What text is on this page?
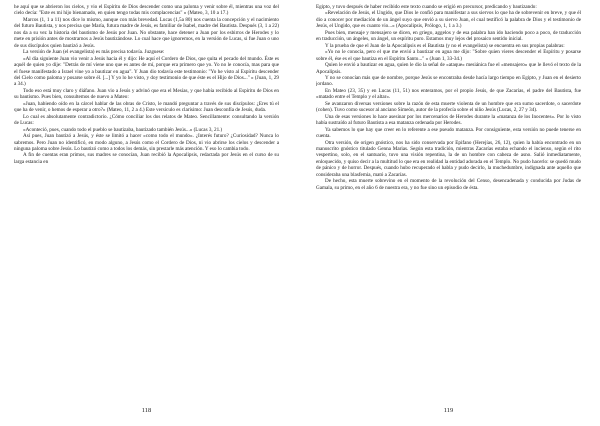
he aquí que se abrieron los cielos, y vio el Espíritu de Dios descender como una paloma y venir sobre él, mientras una voz del cielo decía: "Este es mi hijo bienamado, en quien tengo todas mis complacencias" » (Mateo, 3, 10 a 17.)

Marcos (1, 1 a 11) nos dice lo mismo, aunque con más brevedad. Lucas (1,5a 80) nos cuenta la concepción y el nacimiento del futuro Bautista, y nos precisa que María, futura madre de Jesús, es familiar de Isabel, madre del Bautista. Después (3, 1 a 22) nos da a su vez la historia del bautismo de Jesús por Juan. No obstante, hace detener a Juan por los esbirros de Herodes y lo mete en prisión antes de mostrarnos a Jesús bautizándose. Lo cual hace que ignoremos, en la versión de Lucas, si fue Juan o uno de sus discípulos quien bautizó a Jesús.

La versión de Juan (el evangelista) es más precisa todavía. Juzguese:

«Al día siguiente Juan vio venir a Jesús hacia él y dijo: He aquí el Cordero de Dios, que quita el pecado del mundo. Éste es aquél de quien yo dije: "Detrás de mí viene uno que es antes de mí, porque era primero que yo. Yo no le conocía, mas para que el fuese manifestado a Israel vine yo a bautizar en agua". Y Juan dio todavía este testimonio: "Yo he visto al Espíritu descender del Cielo como paloma y posarse sobre él. [...] Y yo lo he visto, y doy testimonio de que éste es el Hijo de Dios..." » (Juan, 1, 29 a 34.)

Todo eso está muy claro y diáfano. Juan vio a Jesús y advinó que era el Mesías, y que había recibido al Espíritu de Dios en su bautismo. Pues bien, consultemos de nuevo a Mateo:

«Juan, habiendo oído en la cárcel hablar de las obras de Cristo, le mandó preguntar a través de sus discípulos: ¿Eres tú el que ha de venir, o hemos de esperar a otro?» (Mateo, 11, 2 a 4.) Este versículo es clarísimo: Juan desconfía de Jesús, duda.

Lo cual es absolutamente contradictorio. ¿Cómo conciliar los dos relatos de Mateo. Sencillamente: consultando la versión de Lucas:

«Aconteció, pues, cuando todo el pueblo se bautizaba, bautizado también Jesús...» (Lucas 3, 21.)

Así pues, Juan bautizó a Jesús, y éste se limitó a hacer «como todo el mundo». ¿Interés futuro? ¿Curiosidad? Nunca lo sabremos. Pero Juan no identificó, en modo alguno, a Jesús como el Cordero de Dios, ni vio abrirse los cielos y descender a ninguna paloma sobre Jesús. Lo bautizó como a todos los demás, sin prestarle más atención. Y eso lo cambia todo.

A fin de cuentas eran primos, sus madres se conocían, Juan recibió la Apocalipsis, redactada por Jesús en el curso de su larga estancia en

118

Egipto, y tuvo después de haber recibido este texto cuando se erigió en precursor, predicando y bautizando:

«Revelación de Jesús, el Ungido, que Dios le confió para manifestar a sus siervos lo que ha de sobrevenir en breve, y que él dio a conocer por mediación de un ángel suyo que envió a su siervo Juan, el cual testificó la palabra de Dios y el testimonio de Jesús, el Ungido, que es cuanto vio...» (Apocalipsis, Prólogo, 1, 1 a 3.)

Pues bien, mensaje y mensajero se dicen, en griego, aggelos y de esa palabra han ido haciendo poco a poco, de traducción en traducción, un ángeles, un ángel, un espíritu puro. Estamos muy lejos del prosaico sentido inicial.

Y la prueba de que el Juan de la Apocalipsis es el Bautista (y no el evangelista) se encuentra en sus propias palabras:

«Yo no le conocía, pero el que me envió a bautizar en agua me dijo: "Sobre quien vieres descender el Espíritu y posarse sobre él, ése es el que bautiza en el Espíritu Santo..." » (Juan 1, 33-34.)

Quien le envió a bautizar en agua, quien le dio la señal de «ataque» mesiánica fue el «mensajero» que le llevó el texto de la Apocalipsis.

Y no se conocían más que de nombre, porque Jesús se encontraba desde hacía largo tiempo en Egipto, y Juan en el desierto jordano.

En Mateo (23, 35) y en Lucas (11, 51) nos enteramos, por el propio Jesús, de que Zacarías, el padre del Bautista, fue «matado entre el Templo y el altar».

Se avanzaron diversas versiones sobre la razón de esta muerte violenta de un hombre que era sumo sacerdote, o sacerdote (cohen). Tuvo como sucesor al anciano Simeón, autor de la profecía sobre el niño Jesús (Lucas, 2, 27 y 34).

Una de esas versiones lo hace asesinar por los mercenarios de Herodes durante la «matanza de los Inocentes». Por lo visto había sustraído al futuro Bautista a esa matanza ordenada por Herodes.

Ya sabemos lo que hay que creer en lo referente a ese pseudo matanza. Por consiguiente, esta versión no puede tenerse en cuenta.

Otra versión, de origen gnóstico, nos ha sido conservada por Epifano (Herejías, 26, 12), quien la había encontrado en un manuscrito gnóstico titulado Genna Marias. Según esta tradición, mientras Zacarías estaba echando el incienso, según el rito vespertino, solo, en el santuario, tuvo una visión repentina, la de un hombre con cabeza de asno. Salió inmediatamente, enloquecido, y quiso decir a la multitud lo que era en realidad la entidad adorada en el Templo. No pudo hacerlo: se quedó mudo de pánico y de horror. Después, cuando hubo recuperado el habla y pudo decirlo, la muchedumbre, indignada ante aquello que consideraba una blasfemia, mató a Zacarías.

De hecho, esta muerte sobrevino en el momento de la revolución del Censo, desencadenada y conducida por Judas de Gamala, su primo, en el año 6 de nuestra era, y no fue sino un episodio de ésta.

119
